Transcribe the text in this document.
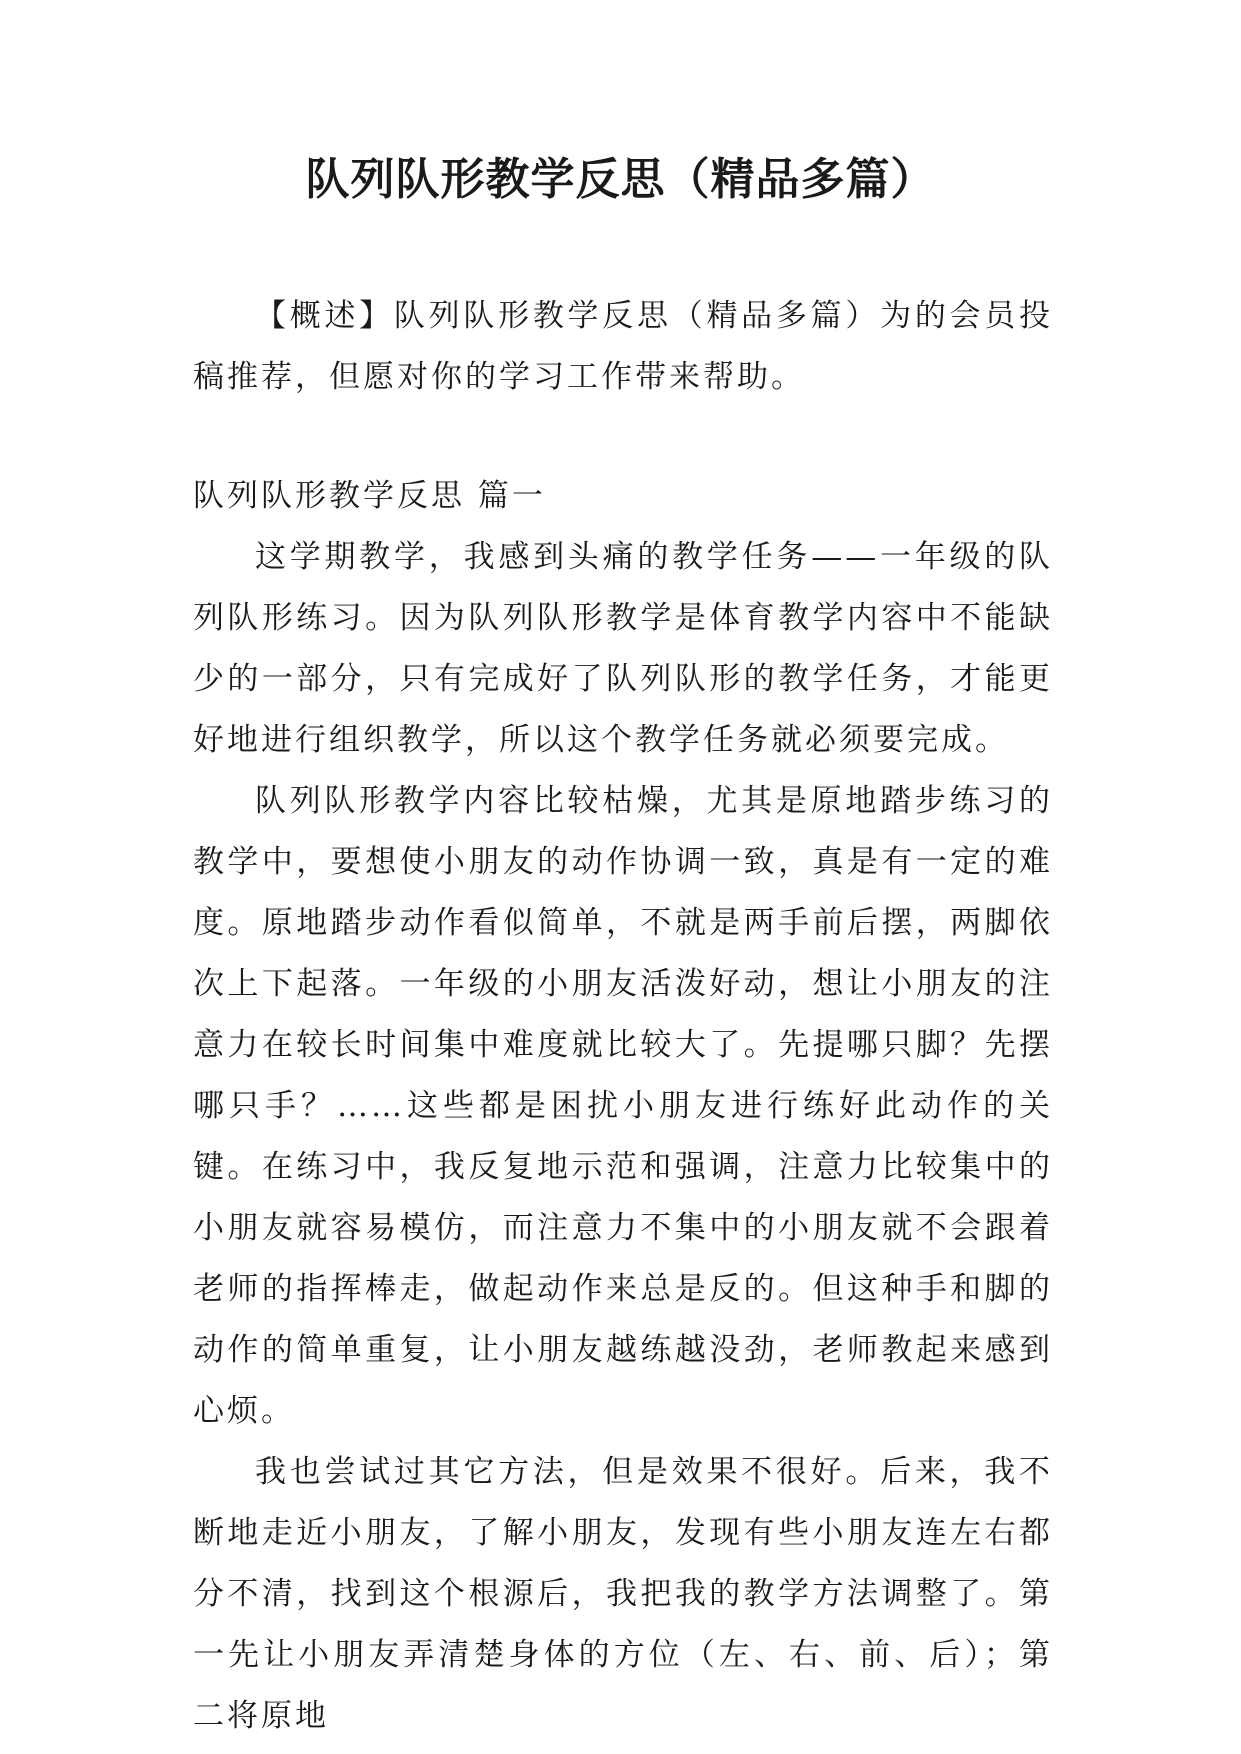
队列队形教学反思（精品多篇）

【概述】队列队形教学反思（精品多篇）为的会员投稿推荐，但愿对你的学习工作带来帮助。

队列队形教学反思 篇一

这学期教学，我感到头痛的教学任务——一年级的队列队形练习。因为队列队形教学是体育教学内容中不能缺少的一部分，只有完成好了队列队形的教学任务，才能更好地进行组织教学，所以这个教学任务就必须要完成。

队列队形教学内容比较枯燥，尤其是原地踏步练习的教学中，要想使小朋友的动作协调一致，真是有一定的难度。原地踏步动作看似简单，不就是两手前后摆，两脚依次上下起落。一年级的小朋友活泼好动，想让小朋友的注意力在较长时间集中难度就比较大了。先提哪只脚？先摆哪只手？……这些都是困扰小朋友进行练好此动作的关键。在练习中，我反复地示范和强调，注意力比较集中的小朋友就容易模仿，而注意力不集中的小朋友就不会跟着老师的指挥棒走，做起动作来总是反的。但这种手和脚的动作的简单重复，让小朋友越练越没劲，老师教起来感到心烦。

我也尝试过其它方法，但是效果不很好。后来，我不断地走近小朋友，了解小朋友，发现有些小朋友连左右都分不清，找到这个根源后，我把我的教学方法调整了。第一先让小朋友弄清楚身体的方位（左、右、前、后）；第二将原地
